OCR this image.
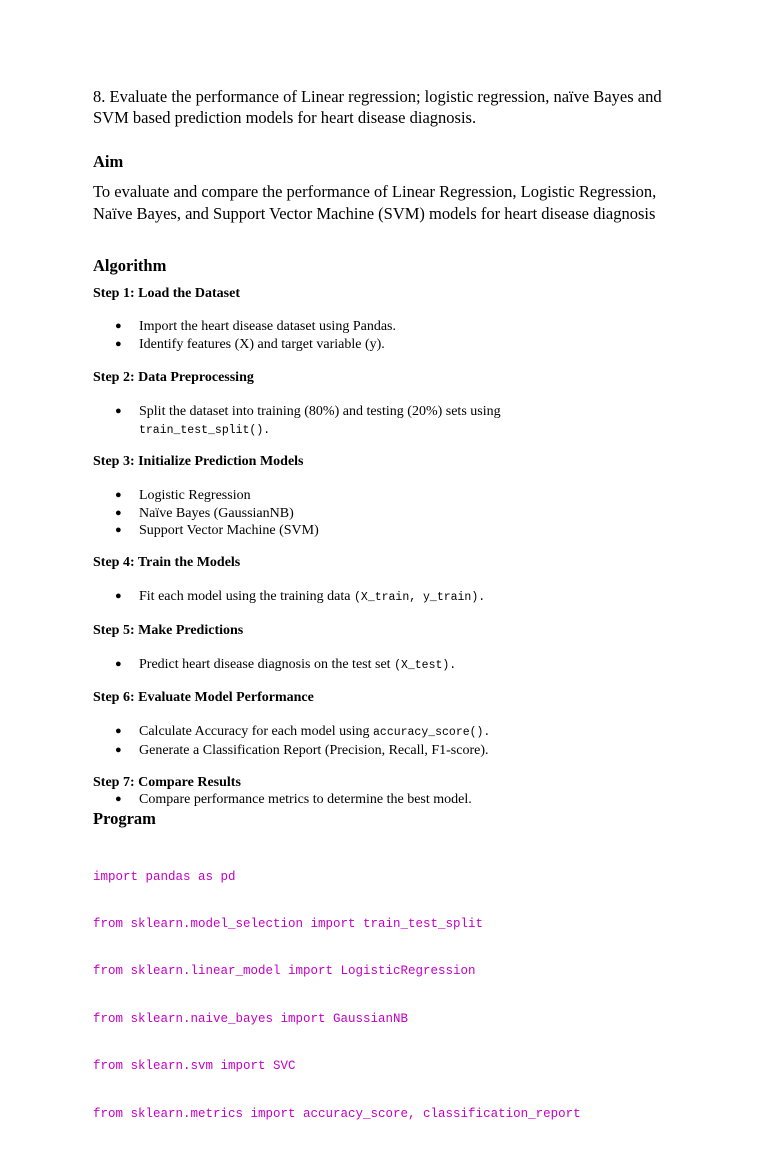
8. Evaluate the performance of Linear regression; logistic regression, naïve Bayes and SVM based prediction models for heart disease diagnosis.

Aim

To evaluate and compare the performance of Linear Regression, Logistic Regression, Naïve Bayes, and Support Vector Machine (SVM) models for heart disease diagnosis

Algorithm

Step 1: Load the Dataset

● Import the heart disease dataset using Pandas.
● Identify features (X) and target variable (y).

Step 2: Data Preprocessing

● Split the dataset into training (80%) and testing (20%) sets using
train_test_split().

Step 3: Initialize Prediction Models

● Logistic Regression
● Naïve Bayes (GaussianNB)
● Support Vector Machine (SVM)

Step 4: Train the Models

● Fit each model using the training data (X_train, y_train).

Step 5: Make Predictions

● Predict heart disease diagnosis on the test set (X_test).

Step 6: Evaluate Model Performance

● Calculate Accuracy for each model using accuracy_score().
● Generate a Classification Report (Precision, Recall, F1-score).

Step 7: Compare Results

● Compare performance metrics to determine the best model.
Program

import pandas as pd

from sklearn.model_selection import train_test_split

from sklearn.linear_model import LogisticRegression

from sklearn.naive_bayes import GaussianNB

from sklearn.svm import SVC

from sklearn.metrics import accuracy_score, classification_report
